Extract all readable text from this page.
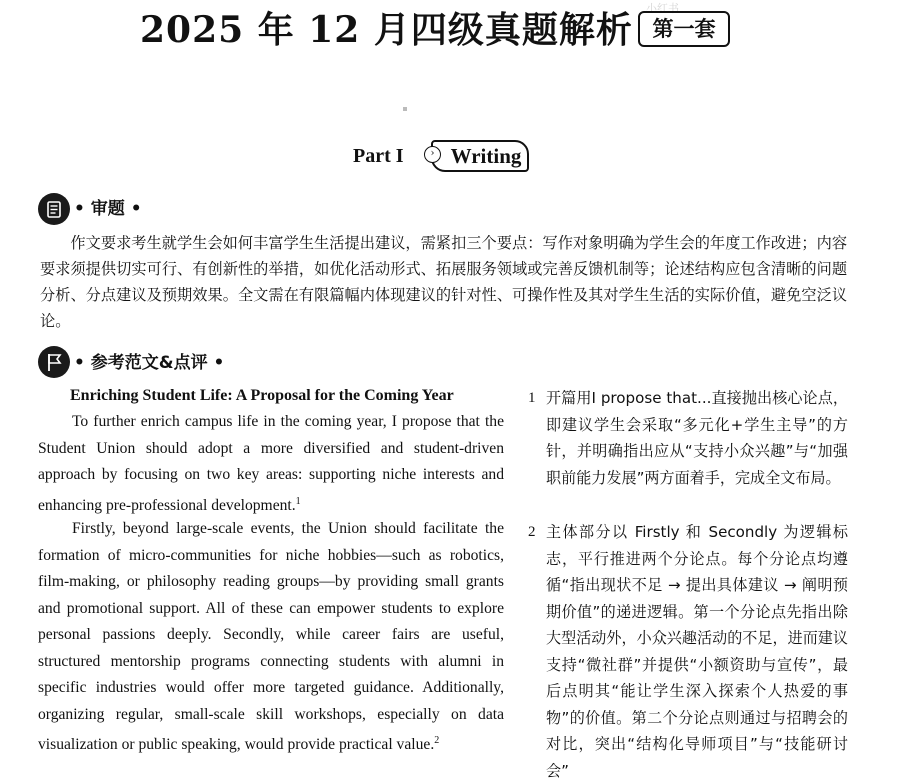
小红书
2025 年 12 月四级真题解析 第一套
Part I	Writing
›
• 审题 •
作文要求考生就学生会如何丰富学生生活提出建议，需紧扣三个要点：写作对象明确为学生会的年度工作改进；内容要求须提供切实可行、有创新性的举措，如优化活动形式、拓展服务领域或完善反馈机制等；论述结构应包含清晰的问题分析、分点建议及预期效果。全文需在有限篇幅内体现建议的针对性、可操作性及其对学生生活的实际价值，避免空泛议论。
• 参考范文&点评 •
Enriching Student Life: A Proposal for the Coming Year
To further enrich campus life in the coming year, I propose that the Student Union should adopt a more diversified and student-driven approach by focusing on two key areas: supporting niche interests and enhancing pre-professional development.$^1$
Firstly, beyond large-scale events, the Union should facilitate the formation of micro-communities for niche hobbies—such as robotics, film-making, or philosophy reading groups—by providing small grants and promotional support. All of these can empower students to explore personal passions deeply. Secondly, while career fairs are useful, structured mentorship programs connecting students with alumni in specific industries would offer more targeted guidance. Additionally, organizing regular, small-scale skill workshops, especially on data visualization or public speaking, would provide practical value.$^2$
1 开篇用I propose that...直接抛出核心论点，即建议学生会采取“多元化+学生主导”的方针，并明确指出应从“支持小众兴趣”与“加强职前能力发展”两方面着手，完成全文布局。
2 主体部分以 Firstly 和 Secondly 为逻辑标志，平行推进两个分论点。每个分论点均遵循“指出现状不足 → 提出具体建议 → 阐明预期价值”的递进逻辑。第一个分论点先指出除大型活动外，小众兴趣活动的不足，进而建议支持“微社群”并提供“小额资助与宣传”，最后点明其“能让学生深入探索个人热爱的事物”的价值。第二个分论点则通过与招聘会的对比，突出“结构化导师项目”与“技能研讨会”
